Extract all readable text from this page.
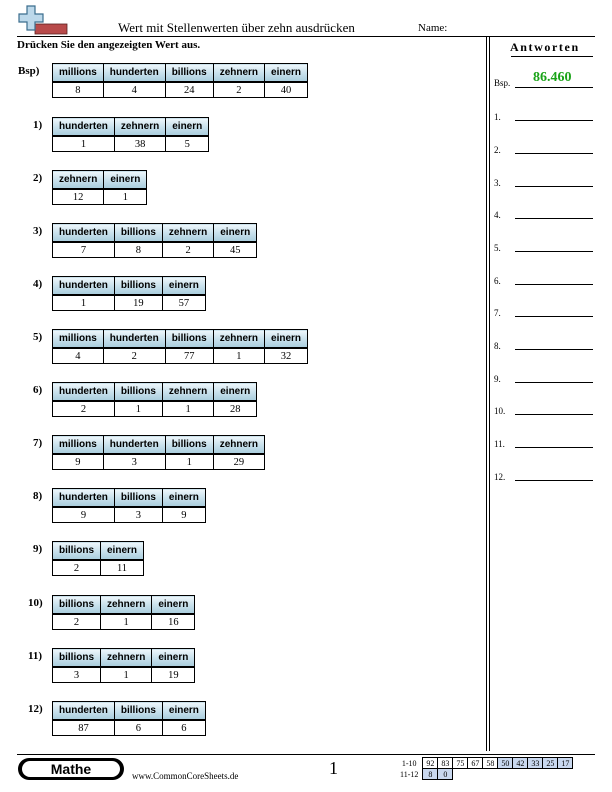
Wert mit Stellenwerten über zehn ausdrücken	Name:
Drücken Sie den angezeigten Wert aus.	Antworten
Bsp. 86.460
1.
2.
3.
4.
5.
6.
7.
8.
9.
10.
11.
12.
Bsp) millions	hunderten	billions	zehnern	einern
8	4	24	2	40
1) hunderten	zehnern	einern
1	38	5
2) zehnern	einern
12	1
3) hunderten	billions	zehnern	einern
7	8	2	45
4) hunderten	billions	einern
1	19	57
5) millions	hunderten	billions	zehnern	einern
4	2	77	1	32
6) hunderten	billions	zehnern	einern
2	1	1	28
7) millions	hunderten	billions	zehnern
9	3	1	29
8) hunderten	billions	einern
9	3	9
9) billions	einern
2	11
10) billions	zehnern	einern
2	1	16
11) billions	zehnern	einern
3	1	19
12) hunderten	billions	einern
87	6	6
Mathe	www.CommonCoreSheets.de	1	1-10	92	83	75	67	58	50	42	33	25	17
11-12	8	0								
